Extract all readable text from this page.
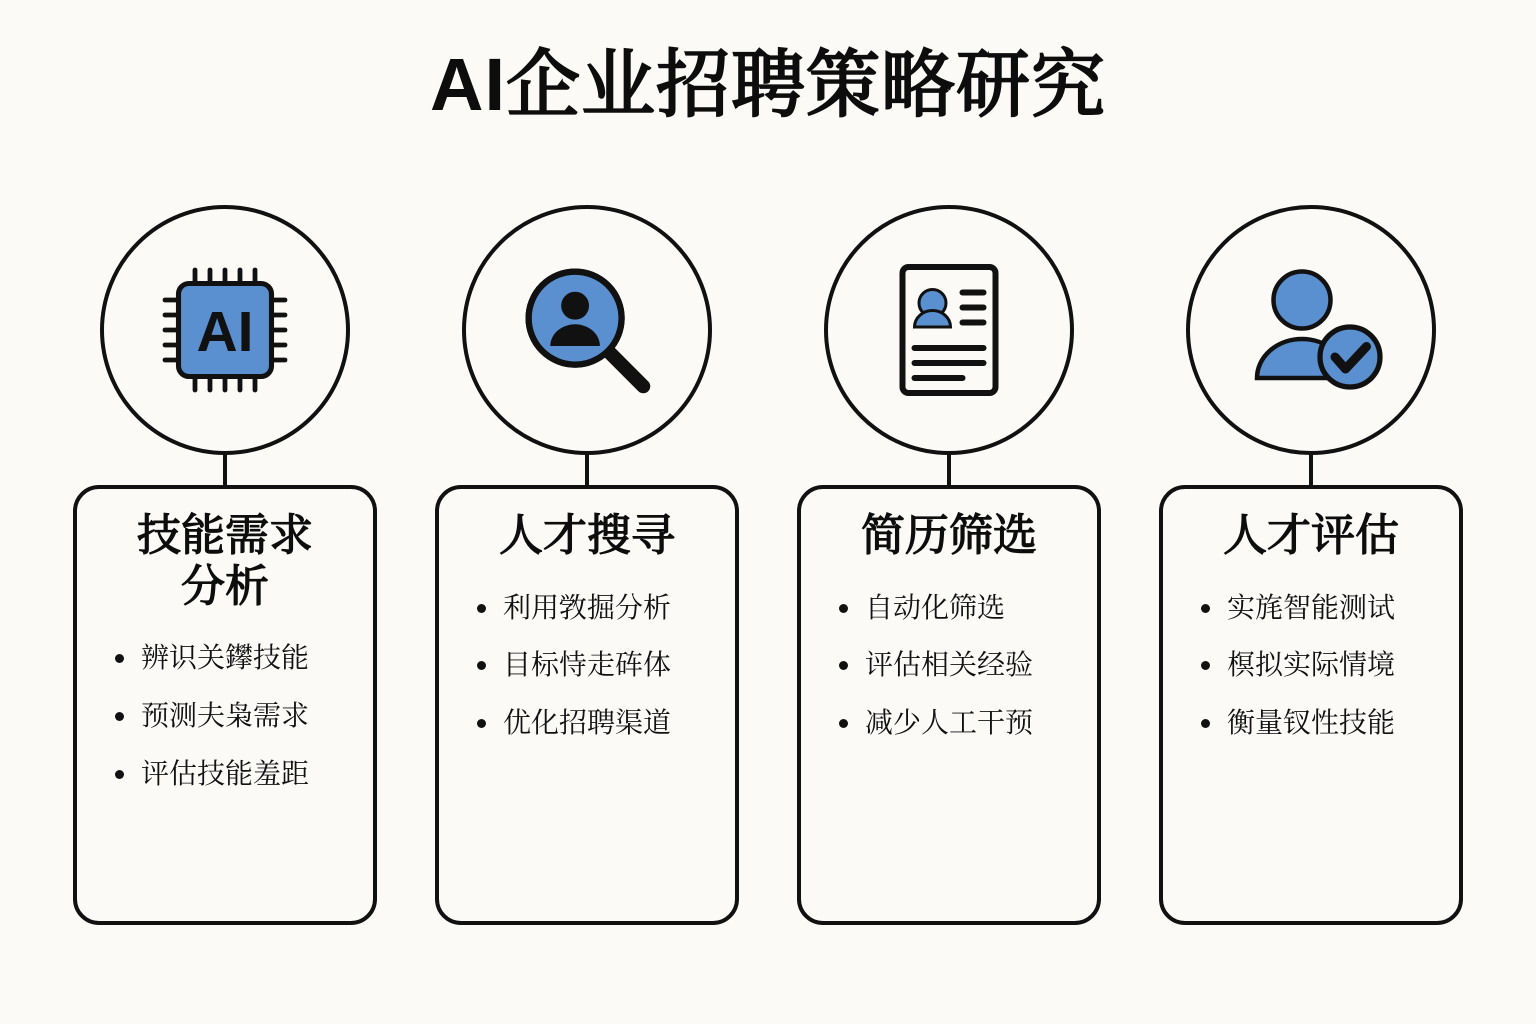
AI企业招聘策略研究
AI
技能需求
分析
辨识关鑻技能
预测夫枭需求
评估技能羞距
人才搜寻
利用敩掘分析
目标恃走砗体
优化招聘渠道
简历筛选
自动化筛选
评估相关经验
减少人工干预
人才评估
实旄智能测试
榠拟实际情境
衡量钗性技能
